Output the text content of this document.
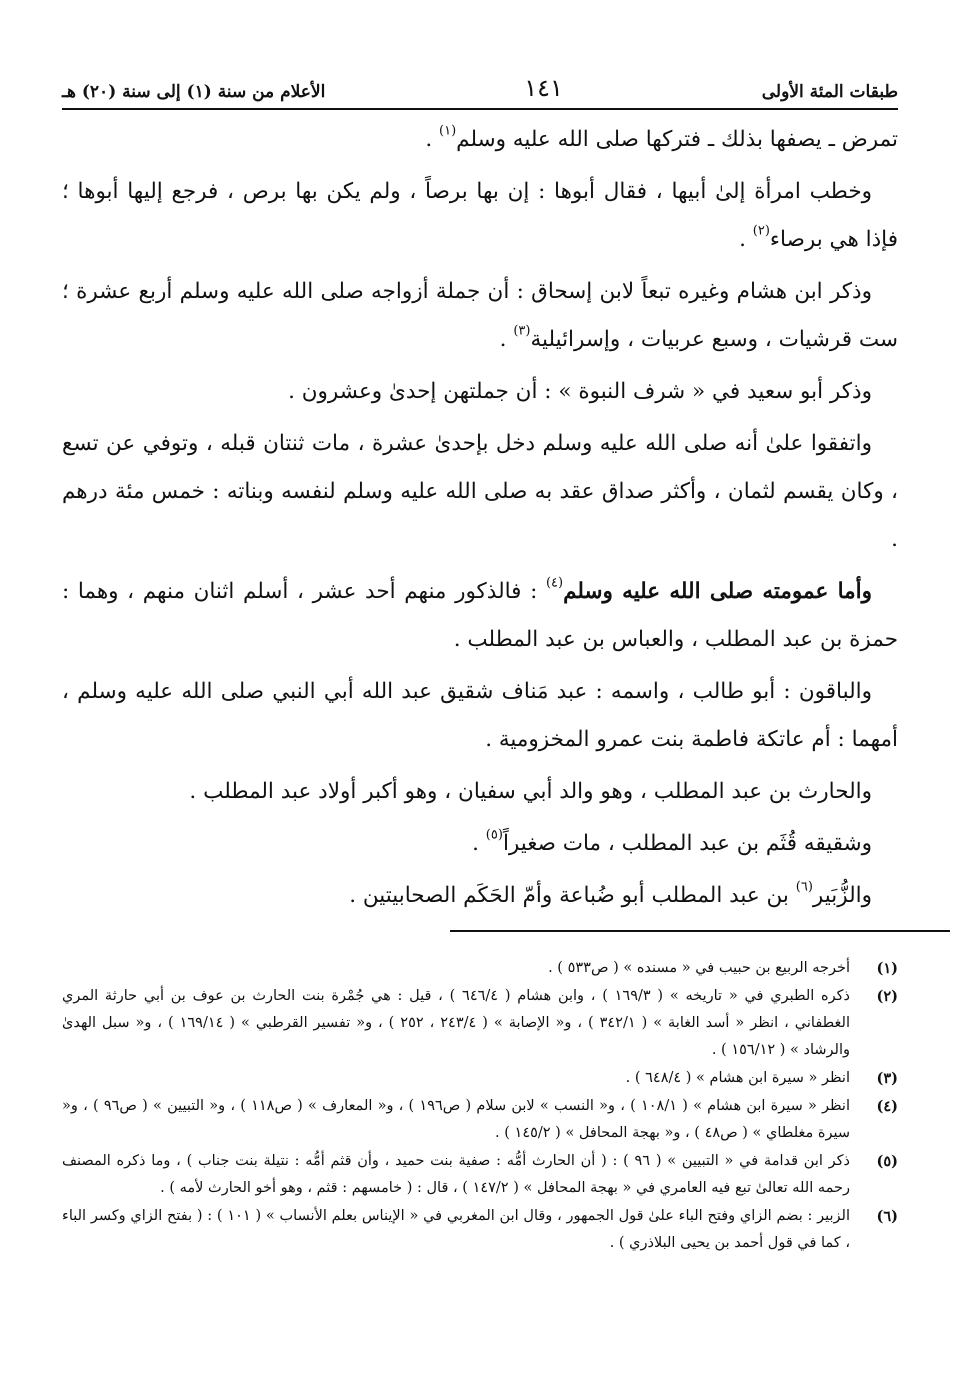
طبقات المئة الأولى
١٤١
الأعلام من سنة (١) إلى سنة (٢٠) هـ

تمرض ـ يصفها بذلك ـ فتركها صلى الله عليه وسلم$^{(١)}$ .

وخطب امرأة إلىٰ أبيها ، فقال أبوها : إن بها برصاً ، ولم يكن بها برص ، فرجع إليها أبوها ؛ فإذا هي برصاء$^{(٢)}$ .

وذكر ابن هشام وغيره تبعاً لابن إسحاق : أن جملة أزواجه صلى الله عليه وسلم أربع عشرة ؛ ست قرشيات ، وسبع عربيات ، وإسرائيلية$^{(٣)}$ .

وذكر أبو سعيد في « شرف النبوة » : أن جملتهن إحدىٰ وعشرون .

واتفقوا علىٰ أنه صلى الله عليه وسلم دخل بإحدىٰ عشرة ، مات ثنتان قبله ، وتوفي عن تسع ، وكان يقسم لثمان ، وأكثر صداق عقد به صلى الله عليه وسلم لنفسه وبناته : خمس مئة درهم .

وأما عمومته صلى الله عليه وسلم$^{(٤)}$ : فالذكور منهم أحد عشر ، أسلم اثنان منهم ، وهما : حمزة بن عبد المطلب ، والعباس بن عبد المطلب .

والباقون : أبو طالب ، واسمه : عبد مَناف شقيق عبد الله أبي النبي صلى الله عليه وسلم ، أمهما : أم عاتكة فاطمة بنت عمرو المخزومية .

والحارث بن عبد المطلب ، وهو والد أبي سفيان ، وهو أكبر أولاد عبد المطلب .

وشقيقه قُثَم بن عبد المطلب ، مات صغيراً$^{(٥)}$ .

والزُّبَير$^{(٦)}$ بن عبد المطلب أبو ضُباعة وأمّ الحَكَم الصحابيتين .

(١)
أخرجه الربيع بن حبيب في « مسنده » ( ص٥٣٣ ) .
(٢)
ذكره الطبري في « تاريخه » ( ١٦٩/٣ ) ، وابن هشام ( ٦٤٦/٤ ) ، قيل : هي جُمْرة بنت الحارث بن عوف بن أبي حارثة المري الغطفاني ، انظر « أسد الغابة » ( ٣٤٢/١ ) ، و« الإصابة » ( ٢٤٣/٤ ، ٢٥٢ ) ، و« تفسير القرطبي » ( ١٦٩/١٤ ) ، و« سبل الهدىٰ والرشاد » ( ١٥٦/١٢ ) .
(٣)
انظر « سيرة ابن هشام » ( ٦٤٨/٤ ) .
(٤)
انظر « سيرة ابن هشام » ( ١٠٨/١ ) ، و« النسب » لابن سلام ( ص١٩٦ ) ، و« المعارف » ( ص١١٨ ) ، و« التبيين » ( ص٩٦ ) ، و« سيرة مغلطاي » ( ص٤٨ ) ، و« بهجة المحافل » ( ١٤٥/٢ ) .
(٥)
ذكر ابن قدامة في « التبيين » ( ٩٦ ) : ( أن الحارث أمُّه : صفية بنت حميد ، وأن قثم أمُّه : نتيلة بنت جناب ) ، وما ذكره المصنف رحمه الله تعالىٰ تبع فيه العامري في « بهجة المحافل » ( ١٤٧/٢ ) ، قال : ( خامسهم : قثم ، وهو أخو الحارث لأمه ) .
(٦)
الزبير : بضم الزاي وفتح الباء علىٰ قول الجمهور ، وقال ابن المغربي في « الإيناس بعلم الأنساب » ( ١٠١ ) : ( بفتح الزاي وكسر الباء ، كما في قول أحمد بن يحيى البلاذري ) .
